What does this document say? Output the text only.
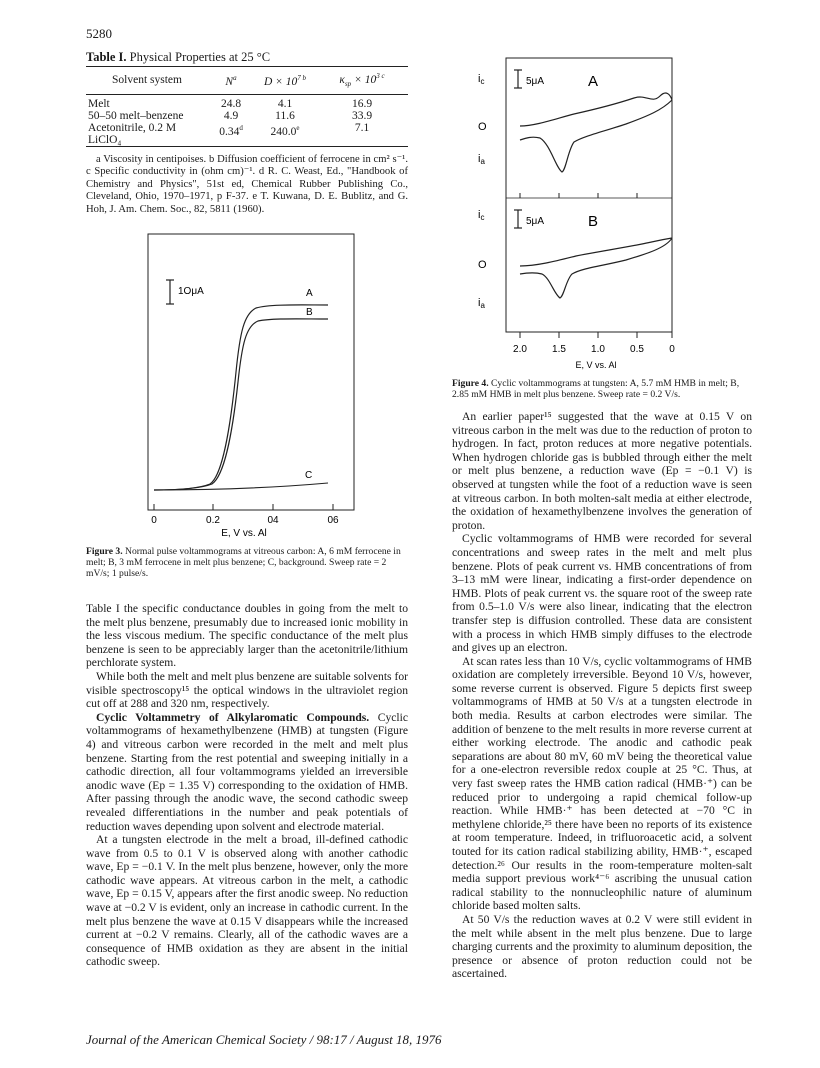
5280
Table I. Physical Properties at 25 °C
Solvent system	$N^a$	$D \times 10^{7 b}$	$\kappa_{sp} \times 10^{3 c}$
Melt	24.8	4.1	16.9
50–50 melt–benzene	4.9	11.6	33.9
Acetonitrile, 0.2 M LiClO₄	0.34$^d$	240.0e	7.1

a Viscosity in centipoises. b Diffusion coefficient of ferrocene in cm² s⁻¹. c Specific conductivity in (ohm cm)⁻¹. d R. C. Weast, Ed., "Handbook of Chemistry and Physics", 51st ed, Chemical Rubber Publishing Co., Cleveland, Ohio, 1970–1971, p F-37. e T. Kuwana, D. E. Bublitz, and G. Hoh, J. Am. Chem. Soc., 82, 5811 (1960).

1OμA	A
B
C
0	0.2	04	06
E, V vs. Al
Figure 3. Normal pulse voltammograms at vitreous carbon: A, 6 mM ferrocene in melt; B, 3 mM ferrocene in melt plus benzene; C, background. Sweep rate = 2 mV/s; 1 pulse/s.
ic
O
ia
5μA	A
ic
O
ia
5μA	B
2.0	1.5	1.0	0.5	0
E, V vs. Al
Figure 4. Cyclic voltammograms at tungsten: A, 5.7 mM HMB in melt; B, 2.85 mM HMB in melt plus benzene. Sweep rate = 0.2 V/s.

Table I the specific conductance doubles in going from the melt to the melt plus benzene, presumably due to increased ionic mobility in the less viscous medium. The specific conductance of the melt plus benzene is seen to be appreciably larger than the acetonitrile/lithium perchlorate system.

While both the melt and melt plus benzene are suitable solvents for visible spectroscopy¹⁵ the optical windows in the ultraviolet region cut off at 288 and 320 nm, respectively.

Cyclic Voltammetry of Alkylaromatic Compounds. Cyclic voltammograms of hexamethylbenzene (HMB) at tungsten (Figure 4) and vitreous carbon were recorded in the melt and melt plus benzene. Starting from the rest potential and sweeping initially in a cathodic direction, all four voltammograms yielded an irreversible anodic wave (Ep = 1.35 V) corresponding to the oxidation of HMB. After passing through the anodic wave, the second cathodic sweep revealed differentiations in the number and peak potentials of reduction waves depending upon solvent and electrode material.

At a tungsten electrode in the melt a broad, ill-defined cathodic wave from 0.5 to 0.1 V is observed along with another cathodic wave, Ep = −0.1 V. In the melt plus benzene, however, only the more cathodic wave appears. At vitreous carbon in the melt, a cathodic wave, Ep = 0.15 V, appears after the first anodic sweep. No reduction wave at −0.2 V is evident, only an increase in cathodic current. In the melt plus benzene the wave at 0.15 V disappears while the increased current at −0.2 V remains. Clearly, all of the cathodic waves are a consequence of HMB oxidation as they are absent in the initial cathodic sweep.

An earlier paper¹⁵ suggested that the wave at 0.15 V on vitreous carbon in the melt was due to the reduction of proton to hydrogen. In fact, proton reduces at more negative potentials. When hydrogen chloride gas is bubbled through either the melt or melt plus benzene, a reduction wave (Ep = −0.1 V) is observed at tungsten while the foot of a reduction wave is seen at vitreous carbon. In both molten-salt media at either electrode, the oxidation of hexamethylbenzene involves the generation of proton.

Cyclic voltammograms of HMB were recorded for several concentrations and sweep rates in the melt and melt plus benzene. Plots of peak current vs. HMB concentrations of from 3–13 mM were linear, indicating a first-order dependence on HMB. Plots of peak current vs. the square root of the sweep rate from 0.5–1.0 V/s were also linear, indicating that the electron transfer step is diffusion controlled. These data are consistent with a process in which HMB simply diffuses to the electrode and gives up an electron.

At scan rates less than 10 V/s, cyclic voltammograms of HMB oxidation are completely irreversible. Beyond 10 V/s, however, some reverse current is observed. Figure 5 depicts first sweep voltammograms of HMB at 50 V/s at a tungsten electrode in both media. Results at carbon electrodes were similar. The addition of benzene to the melt results in more reverse current at either working electrode. The anodic and cathodic peak separations are about 80 mV, 60 mV being the theoretical value for a one-electron reversible redox couple at 25 °C. Thus, at very fast sweep rates the HMB cation radical (HMB·⁺) can be reduced prior to undergoing a rapid chemical follow-up reaction. While HMB·⁺ has been detected at −70 °C in methylene chloride,²⁵ there have been no reports of its existence at room temperature. Indeed, in trifluoroacetic acid, a solvent touted for its cation radical stabilizing ability, HMB·⁺, escaped detection.²⁶ Our results in the room-temperature molten-salt media support previous work⁴⁻⁶ ascribing the unusual cation radical stability to the nonnucleophilic nature of aluminum chloride based molten salts.

At 50 V/s the reduction waves at 0.2 V were still evident in the melt while absent in the melt plus benzene. Due to large charging currents and the proximity to aluminum deposition, the presence or absence of proton reduction could not be ascertained.

Journal of the American Chemical Society / 98:17 / August 18, 1976
